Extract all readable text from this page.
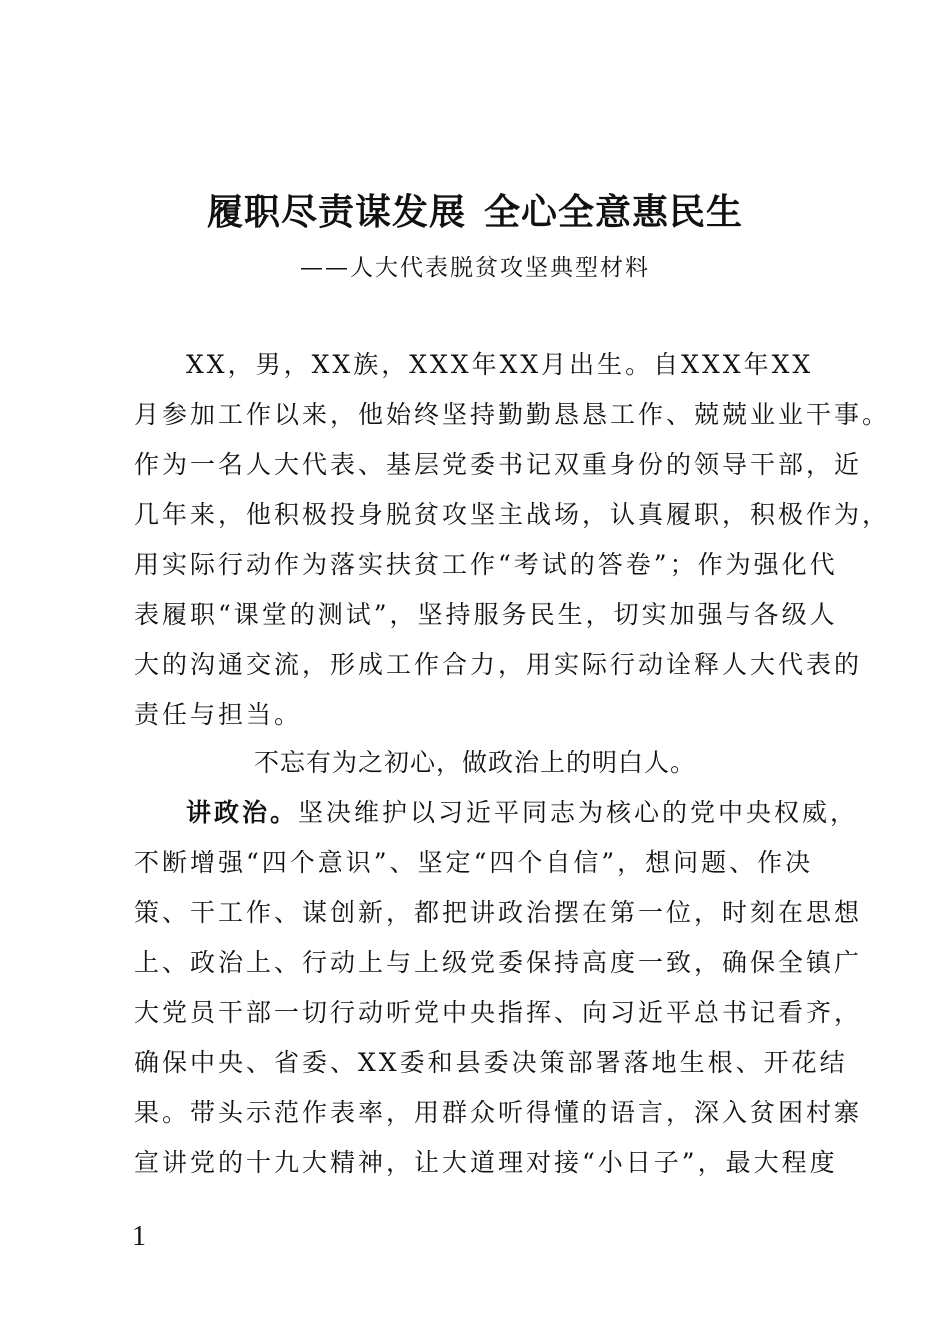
履职尽责谋发展 全心全意惠民生
——人大代表脱贫攻坚典型材料
XX，男，XX族，XXX年XX月出生。自XXX年XX
月参加工作以来，他始终坚持勤勤恳恳工作、兢兢业业干事。
作为一名人大代表、基层党委书记双重身份的领导干部，近
几年来，他积极投身脱贫攻坚主战场，认真履职，积极作为，
用实际行动作为落实扶贫工作“考试的答卷”；作为强化代
表履职“课堂的测试”，坚持服务民生，切实加强与各级人
大的沟通交流，形成工作合力，用实际行动诠释人大代表的
责任与担当。
不忘有为之初心，做政治上的明白人。
讲政治。坚决维护以习近平同志为核心的党中央权威，
不断增强“四个意识”、坚定“四个自信”，想问题、作决
策、干工作、谋创新，都把讲政治摆在第一位，时刻在思想
上、政治上、行动上与上级党委保持高度一致，确保全镇广
大党员干部一切行动听党中央指挥、向习近平总书记看齐，
确保中央、省委、XX委和县委决策部署落地生根、开花结
果。带头示范作表率，用群众听得懂的语言，深入贫困村寨
宣讲党的十九大精神，让大道理对接“小日子”，最大程度
1
